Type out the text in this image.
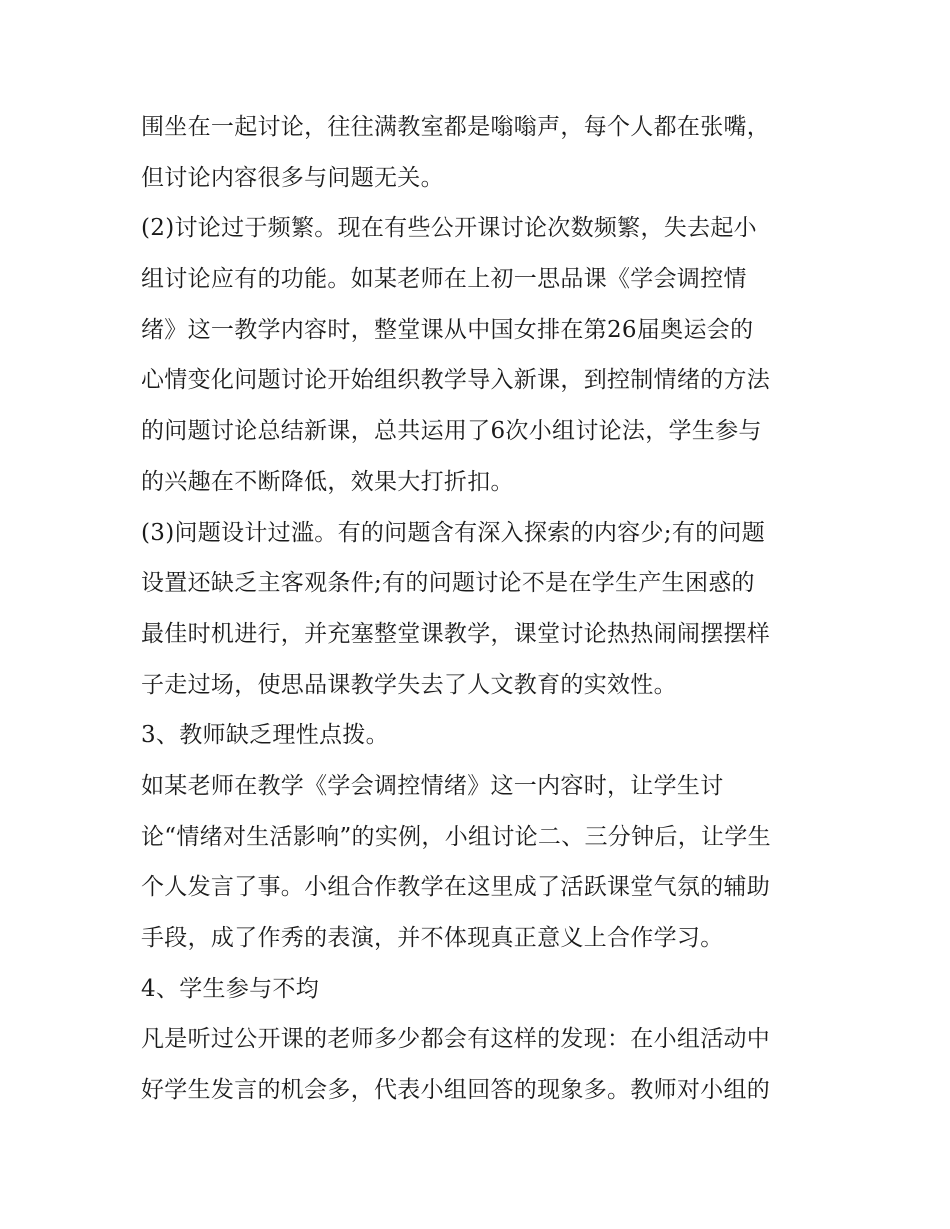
围坐在一起讨论，往往满教室都是嗡嗡声，每个人都在张嘴，
但讨论内容很多与问题无关。
(2)讨论过于频繁。现在有些公开课讨论次数频繁，失去起小
组讨论应有的功能。如某老师在上初一思品课《学会调控情
绪》这一教学内容时，整堂课从中国女排在第26届奥运会的
心情变化问题讨论开始组织教学导入新课，到控制情绪的方法
的问题讨论总结新课，总共运用了6次小组讨论法，学生参与
的兴趣在不断降低，效果大打折扣。
(3)问题设计过滥。有的问题含有深入探索的内容少;有的问题
设置还缺乏主客观条件;有的问题讨论不是在学生产生困惑的
最佳时机进行，并充塞整堂课教学，课堂讨论热热闹闹摆摆样
子走过场，使思品课教学失去了人文教育的实效性。
3、教师缺乏理性点拨。
如某老师在教学《学会调控情绪》这一内容时，让学生讨
论“情绪对生活影响”的实例，小组讨论二、三分钟后，让学生
个人发言了事。小组合作教学在这里成了活跃课堂气氛的辅助
手段，成了作秀的表演，并不体现真正意义上合作学习。
4、学生参与不均
凡是听过公开课的老师多少都会有这样的发现：在小组活动中
好学生发言的机会多，代表小组回答的现象多。教师对小组的
